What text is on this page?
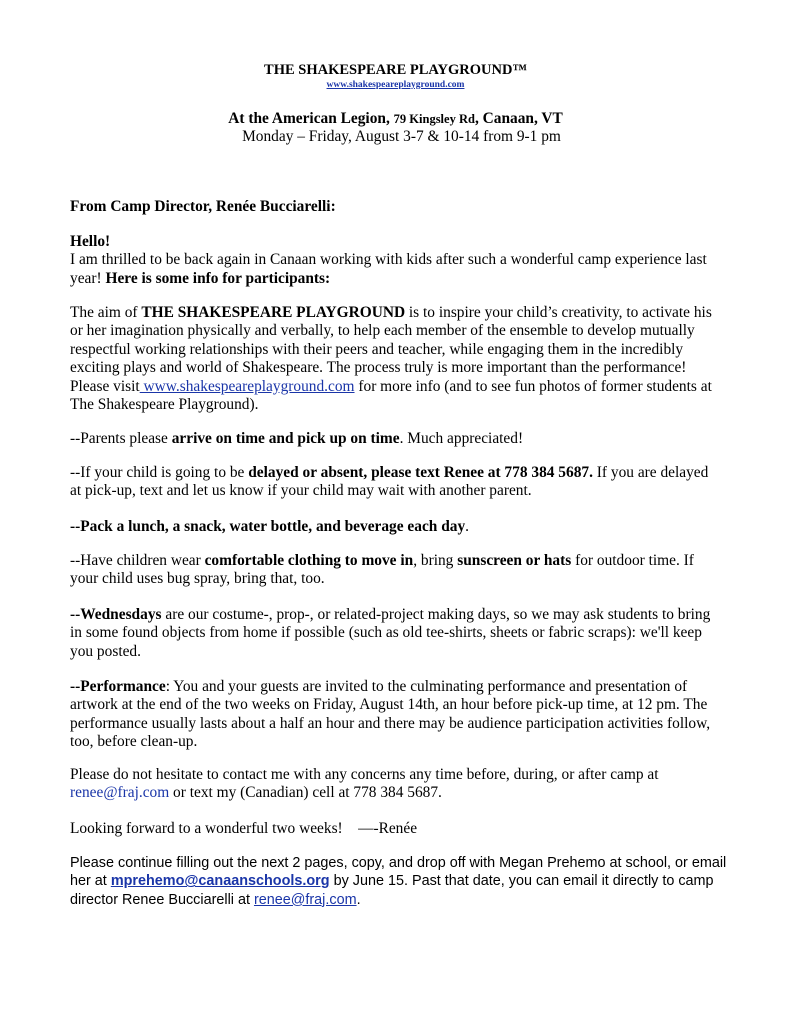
THE SHAKESPEARE PLAYGROUND™
www.shakespeareplayground.com
At the American Legion, 79 Kingsley Rd, Canaan, VT
Monday – Friday, August 3-7 & 10-14 from 9-1 pm

From Camp Director, Renée Bucciarelli:

Hello!
I am thrilled to be back again in Canaan working with kids after such a wonderful camp experience last
year! Here is some info for participants:
The aim of THE SHAKESPEARE PLAYGROUND is to inspire your child’s creativity, to activate his
or her imagination physically and verbally, to help each member of the ensemble to develop mutually
respectful working relationships with their peers and teacher, while engaging them in the incredibly
exciting plays and world of Shakespeare. The process truly is more important than the performance!
Please visit www.shakespeareplayground.com for more info (and to see fun photos of former students at
The Shakespeare Playground).
--Parents please arrive on time and pick up on time. Much appreciated!
--If your child is going to be delayed or absent, please text Renee at 778 384 5687. If you are delayed
at pick-up, text and let us know if your child may wait with another parent.
--Pack a lunch, a snack, water bottle, and beverage each day.
--Have children wear comfortable clothing to move in, bring sunscreen or hats for outdoor time. If
your child uses bug spray, bring that, too.
--Wednesdays are our costume-, prop-, or related-project making days, so we may ask students to bring
in some found objects from home if possible (such as old tee-shirts, sheets or fabric scraps): we'll keep
you posted.
--Performance: You and your guests are invited to the culminating performance and presentation of
artwork at the end of the two weeks on Friday, August 14th, an hour before pick-up time, at 12 pm. The
performance usually lasts about a half an hour and there may be audience participation activities follow,
too, before clean-up.
Please do not hesitate to contact me with any concerns any time before, during, or after camp at
renee@fraj.com or text my (Canadian) cell at 778 384 5687.
Looking forward to a wonderful two weeks!    —-Renée
Please continue filling out the next 2 pages, copy, and drop off with Megan Prehemo at school, or email
her at mprehemo@canaanschools.org by June 15. Past that date, you can email it directly to camp
director Renee Bucciarelli at renee@fraj.com.
